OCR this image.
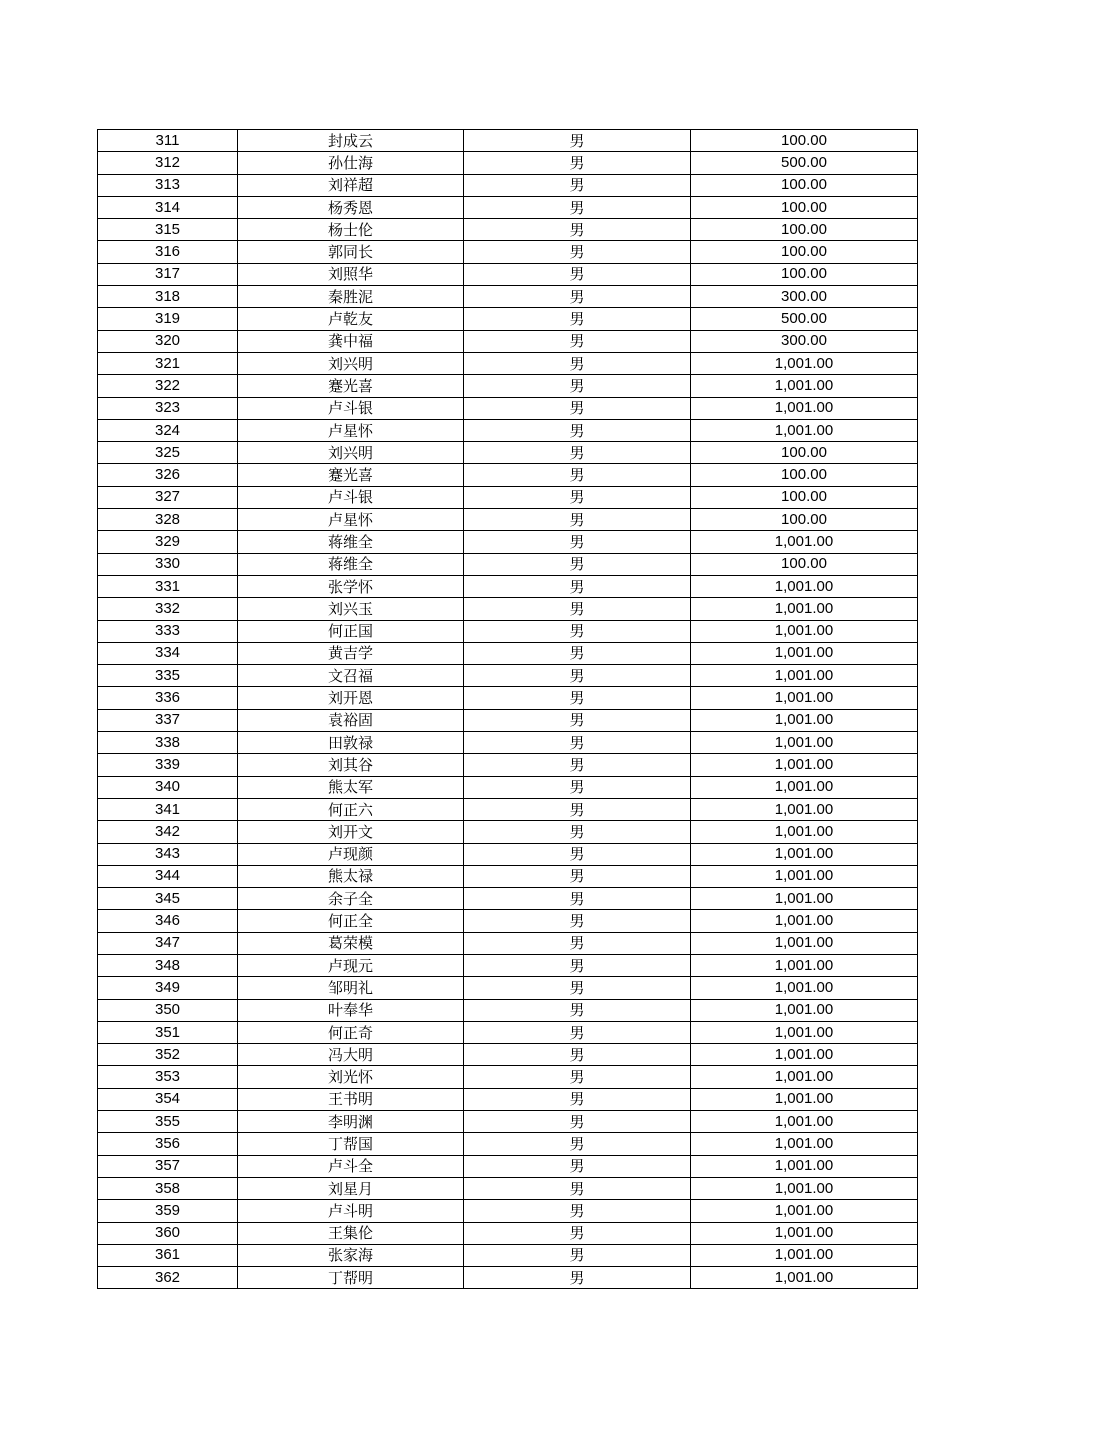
311	封成云	男	100.00
312	孙仕海	男	500.00
313	刘祥超	男	100.00
314	杨秀恩	男	100.00
315	杨士伦	男	100.00
316	郭同长	男	100.00
317	刘照华	男	100.00
318	秦胜泥	男	300.00
319	卢乾友	男	500.00
320	龚中福	男	300.00
321	刘兴明	男	1,001.00
322	蹇光喜	男	1,001.00
323	卢斗银	男	1,001.00
324	卢星怀	男	1,001.00
325	刘兴明	男	100.00
326	蹇光喜	男	100.00
327	卢斗银	男	100.00
328	卢星怀	男	100.00
329	蒋维全	男	1,001.00
330	蒋维全	男	100.00
331	张学怀	男	1,001.00
332	刘兴玉	男	1,001.00
333	何正国	男	1,001.00
334	黄吉学	男	1,001.00
335	文召福	男	1,001.00
336	刘开恩	男	1,001.00
337	袁裕固	男	1,001.00
338	田敦禄	男	1,001.00
339	刘其谷	男	1,001.00
340	熊太军	男	1,001.00
341	何正六	男	1,001.00
342	刘开文	男	1,001.00
343	卢现颜	男	1,001.00
344	熊太禄	男	1,001.00
345	余子全	男	1,001.00
346	何正全	男	1,001.00
347	葛荣模	男	1,001.00
348	卢现元	男	1,001.00
349	邹明礼	男	1,001.00
350	叶奉华	男	1,001.00
351	何正奇	男	1,001.00
352	冯大明	男	1,001.00
353	刘光怀	男	1,001.00
354	王书明	男	1,001.00
355	李明渊	男	1,001.00
356	丁帮国	男	1,001.00
357	卢斗全	男	1,001.00
358	刘星月	男	1,001.00
359	卢斗明	男	1,001.00
360	王集伦	男	1,001.00
361	张家海	男	1,001.00
362	丁帮明	男	1,001.00
